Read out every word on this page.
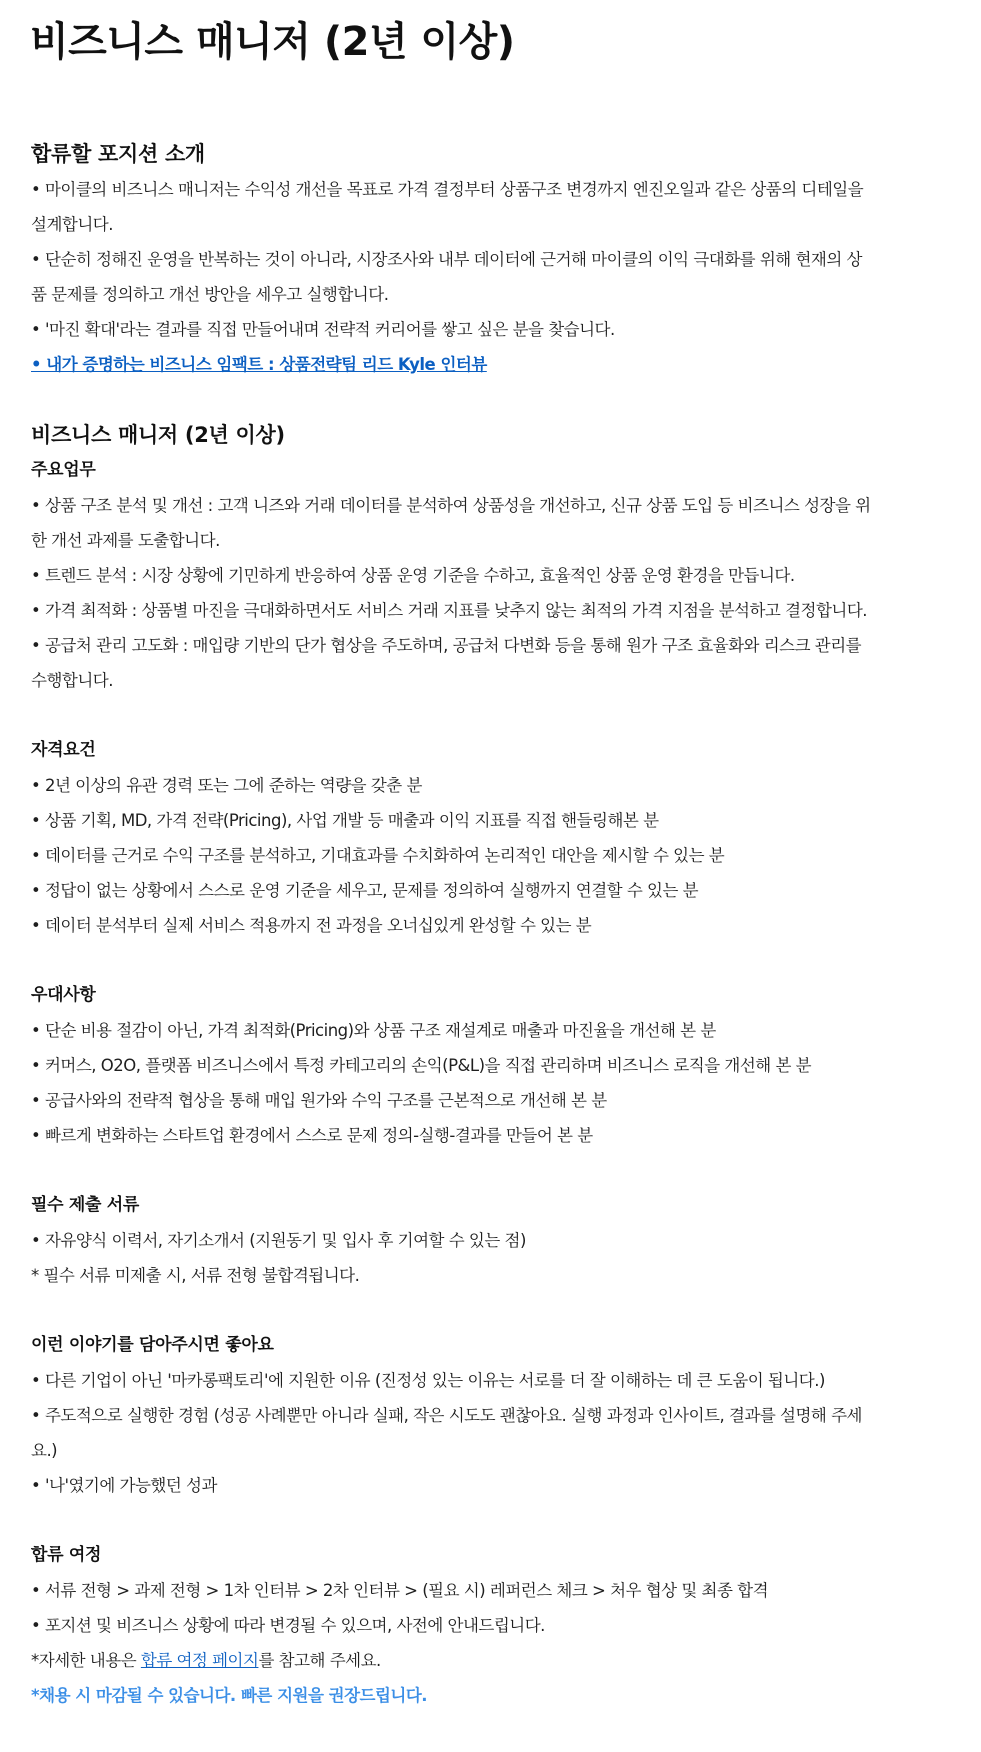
비즈니스 매니저 (2년 이상)
합류할 포지션 소개

• 마이클의 비즈니스 매니저는 수익성 개선을 목표로 가격 결정부터 상품구조 변경까지 엔진오일과 같은 상품의 디테일을

설계합니다.

• 단순히 정해진 운영을 반복하는 것이 아니라, 시장조사와 내부 데이터에 근거해 마이클의 이익 극대화를 위해 현재의 상

품 문제를 정의하고 개선 방안을 세우고 실행합니다.

• '마진 확대'라는 결과를 직접 만들어내며 전략적 커리어를 쌓고 싶은 분을 찾습니다.

• 내가 증명하는 비즈니스 임팩트 : 상품전략팀 리드 Kyle 인터뷰

비즈니스 매니저 (2년 이상)
주요업무

• 상품 구조 분석 및 개선 : 고객 니즈와 거래 데이터를 분석하여 상품성을 개선하고, 신규 상품 도입 등 비즈니스 성장을 위

한 개선 과제를 도출합니다.

• 트렌드 분석 : 시장 상황에 기민하게 반응하여 상품 운영 기준을 수하고, 효율적인 상품 운영 환경을 만듭니다.

• 가격 최적화 : 상품별 마진을 극대화하면서도 서비스 거래 지표를 낮추지 않는 최적의 가격 지점을 분석하고 결정합니다.

• 공급처 관리 고도화 : 매입량 기반의 단가 협상을 주도하며, 공급처 다변화 등을 통해 원가 구조 효율화와 리스크 관리를

수행합니다.

자격요건

• 2년 이상의 유관 경력 또는 그에 준하는 역량을 갖춘 분

• 상품 기획, MD, 가격 전략(Pricing), 사업 개발 등 매출과 이익 지표를 직접 핸들링해본 분

• 데이터를 근거로 수익 구조를 분석하고, 기대효과를 수치화하여 논리적인 대안을 제시할 수 있는 분

• 정답이 없는 상황에서 스스로 운영 기준을 세우고, 문제를 정의하여 실행까지 연결할 수 있는 분

• 데이터 분석부터 실제 서비스 적용까지 전 과정을 오너십있게 완성할 수 있는 분

우대사항

• 단순 비용 절감이 아닌, 가격 최적화(Pricing)와 상품 구조 재설계로 매출과 마진율을 개선해 본 분

• 커머스, O2O, 플랫폼 비즈니스에서 특정 카테고리의 손익(P&L)을 직접 관리하며 비즈니스 로직을 개선해 본 분

• 공급사와의 전략적 협상을 통해 매입 원가와 수익 구조를 근본적으로 개선해 본 분

• 빠르게 변화하는 스타트업 환경에서 스스로 문제 정의-실행-결과를 만들어 본 분

필수 제출 서류

• 자유양식 이력서, 자기소개서 (지원동기 및 입사 후 기여할 수 있는 점)

* 필수 서류 미제출 시, 서류 전형 불합격됩니다.

이런 이야기를 담아주시면 좋아요

• 다른 기업이 아닌 '마카롱팩토리'에 지원한 이유 (진정성 있는 이유는 서로를 더 잘 이해하는 데 큰 도움이 됩니다.)

• 주도적으로 실행한 경험 (성공 사례뿐만 아니라 실패, 작은 시도도 괜찮아요. 실행 과정과 인사이트, 결과를 설명해 주세

요.)

• '나'였기에 가능했던 성과

합류 여정

• 서류 전형 > 과제 전형 > 1차 인터뷰 > 2차 인터뷰 > (필요 시) 레퍼런스 체크 > 처우 협상 및 최종 합격

• 포지션 및 비즈니스 상황에 따라 변경될 수 있으며, 사전에 안내드립니다.

*자세한 내용은 합류 여정 페이지를 참고해 주세요.

*채용 시 마감될 수 있습니다. 빠른 지원을 권장드립니다.
